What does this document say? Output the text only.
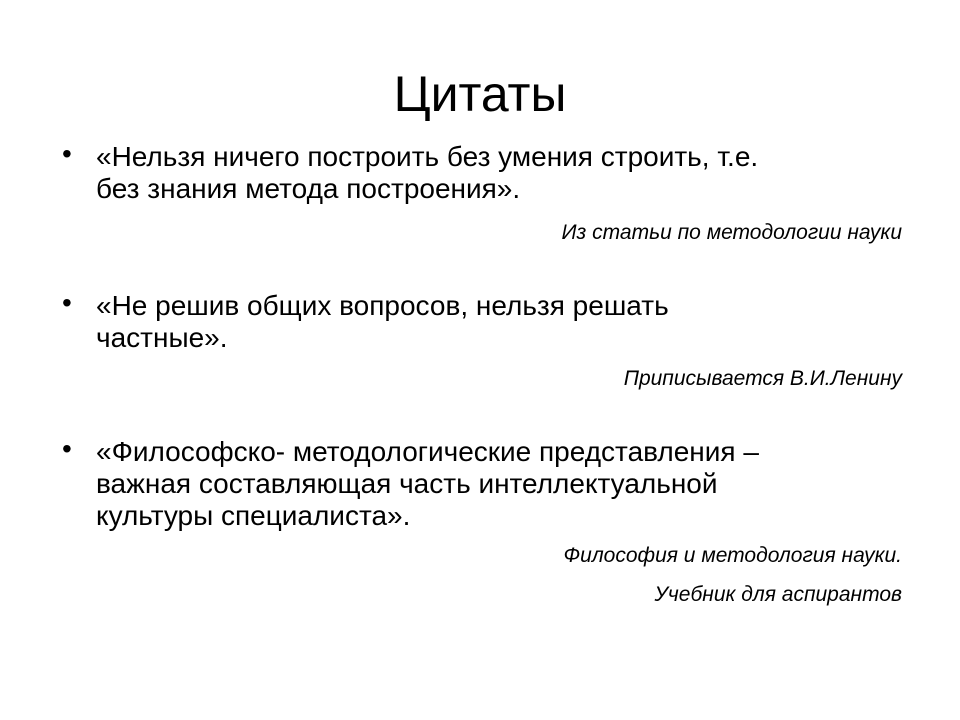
Цитаты
• «Нельзя ничего построить без умения строить, т.е.
без знания метода построения».

Из статьи по методологии науки

• «Не решив общих вопросов, нельзя решать
частные».

Приписывается В.И.Ленину

• «Философско- методологические представления –
важная составляющая часть интеллектуальной
культуры специалиста».

Философия и методология науки.

Учебник для аспирантов
